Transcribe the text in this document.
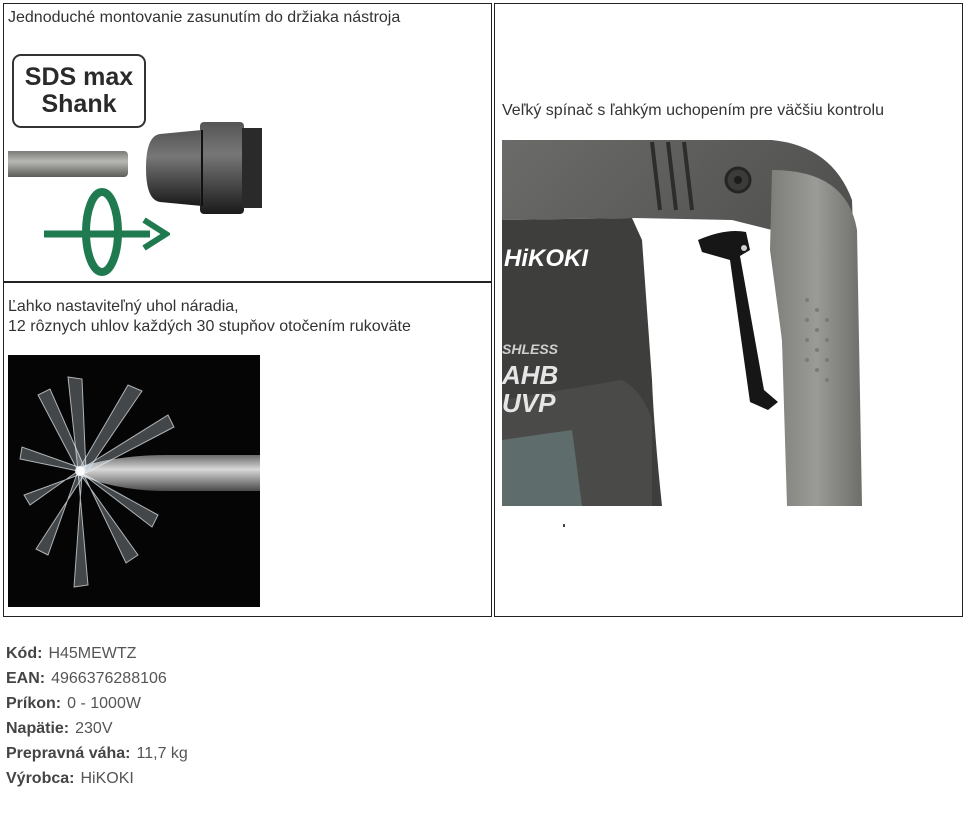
Jednoduché montovanie zasunutím do držiaka nástroja
SDS max
Shank
Ľahko nastaviteľný uhol náradia,
12 rôznych uhlov každých 30 stupňov otočením rukoväte
Veľký spínač s ľahkým uchopením pre väčšiu kontrolu
HiKOKI
SHLESS
AHB
UVP
Kód: H45MEWTZ
EAN: 4966376288106
Príkon: 0 - 1000W
Napätie: 230V
Prepravná váha: 11,7 kg
Výrobca: HiKOKI
